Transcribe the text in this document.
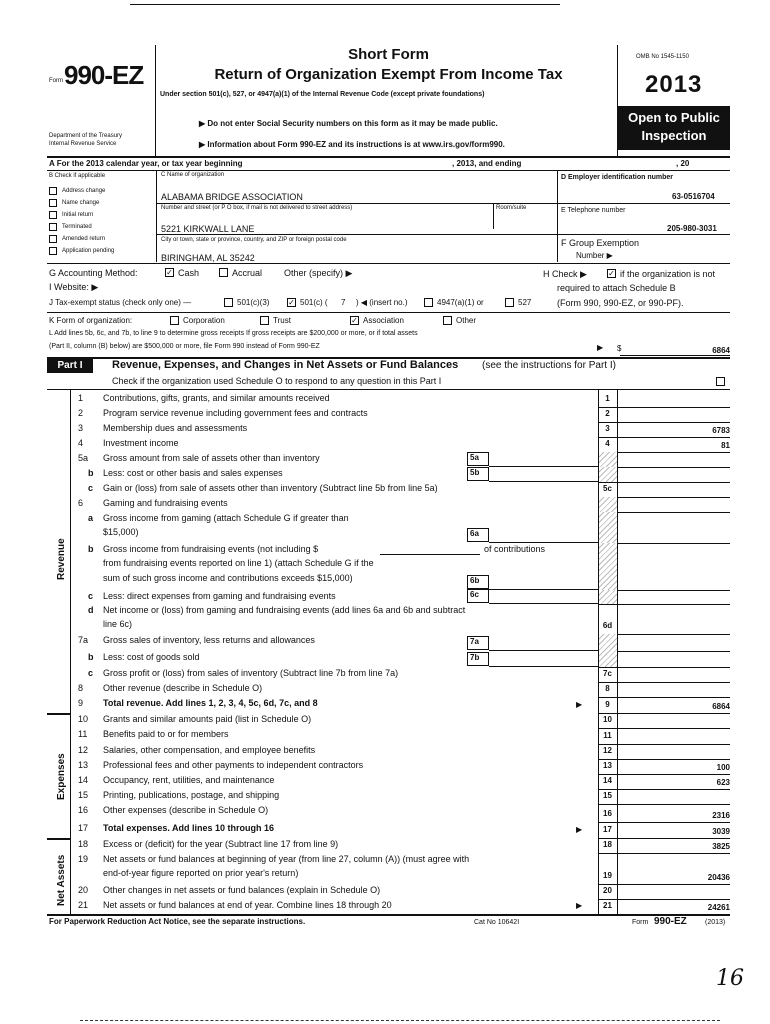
Form 990-EZ
Department of the Treasury
Internal Revenue Service
Short Form
Return of Organization Exempt From Income Tax
Under section 501(c), 527, or 4947(a)(1) of the Internal Revenue Code (except private foundations)
▶ Do not enter Social Security numbers on this form as it may be made public.
▶ Information about Form 990-EZ and its instructions is at www.irs.gov/form990.
OMB No 1545-1150
2013
Open to Public
Inspection
A For the 2013 calendar year, or tax year beginning	, 2013, and ending	, 20
B Check if applicable
Address change
Name change
Initial return
Terminated
Amended return
Application pending
C Name of organization
ALABAMA BRIDGE ASSOCIATION
Number and street (or P O box, if mail is not delivered to street address)	Room/suite
5221 KIRKWALL LANE
City or town, state or province, country, and ZIP or foreign postal code
BIRINGHAM, AL 35242
D Employer identification number
63-0516704
E Telephone number
205-980-3031
F Group Exemption
Number ▶
G Accounting Method:	✓ Cash	Accrual Other (specify) ▶
I Website: ▶
H Check ▶	✓ if the organization is not
required to attach Schedule B
(Form 990, 990-EZ, or 990-PF).
J Tax-exempt status (check only one) —	501(c)(3) ✓ 501(c) ( 7 ) ◀ (insert no.)	4947(a)(1) or	527
K Form of organization:	Corporation	Trust	✓ Association	Other
L Add lines 5b, 6c, and 7b, to line 9 to determine gross receipts If gross receipts are $200,000 or more, or if total assets
(Part II, column (B) below) are $500,000 or more, file Form 990 instead of Form 990-EZ	▶ $	6864
Part I	Revenue, Expenses, and Changes in Net Assets or Fund Balances (see the instructions for Part I)
Check if the organization used Schedule O to respond to any question in this Part I
Revenue
Expenses
Net Assets
1 Contributions, gifts, grants, and similar amounts received	1
2 Program service revenue including government fees and contracts	2
3 Membership dues and assessments	3	6783
4 Investment income	4	81
5a Gross amount from sale of assets other than inventory	5a
b Less: cost or other basis and sales expenses	5b
c Gain or (loss) from sale of assets other than inventory (Subtract line 5b from line 5a)	5c
6 Gaming and fundraising events
a Gross income from gaming (attach Schedule G if greater than
$15,000)	6a
b Gross income from fundraising events (not including $	of contributions
from fundraising events reported on line 1) (attach Schedule G if the
sum of such gross income and contributions exceeds $15,000)	6b
c Less: direct expenses from gaming and fundraising events	6c
d Net income or (loss) from gaming and fundraising events (add lines 6a and 6b and subtract
line 6c)	6d
7a Gross sales of inventory, less returns and allowances	7a
b Less: cost of goods sold	7b
c Gross profit or (loss) from sales of inventory (Subtract line 7b from line 7a)	7c
8 Other revenue (describe in Schedule O)	8
9 Total revenue. Add lines 1, 2, 3, 4, 5c, 6d, 7c, and 8	9	6864
▶
10 Grants and similar amounts paid (list in Schedule O)	10
11 Benefits paid to or for members	11
12 Salaries, other compensation, and employee benefits	12
13 Professional fees and other payments to independent contractors	13	100
14 Occupancy, rent, utilities, and maintenance	14	623
15 Printing, publications, postage, and shipping	15
16 Other expenses (describe in Schedule O)	16	2316
17 Total expenses. Add lines 10 through 16	17	3039
▶
18 Excess or (deficit) for the year (Subtract line 17 from line 9)	18	3825
19 Net assets or fund balances at beginning of year (from line 27, column (A)) (must agree with
end-of-year figure reported on prior year's return)	19	20436
20 Other changes in net assets or fund balances (explain in Schedule O)	20
21 Net assets or fund balances at end of year. Combine lines 18 through 20	21	24261
▶
For Paperwork Reduction Act Notice, see the separate instructions.	Cat No 10642I	Form 990-EZ	(2013)
16
